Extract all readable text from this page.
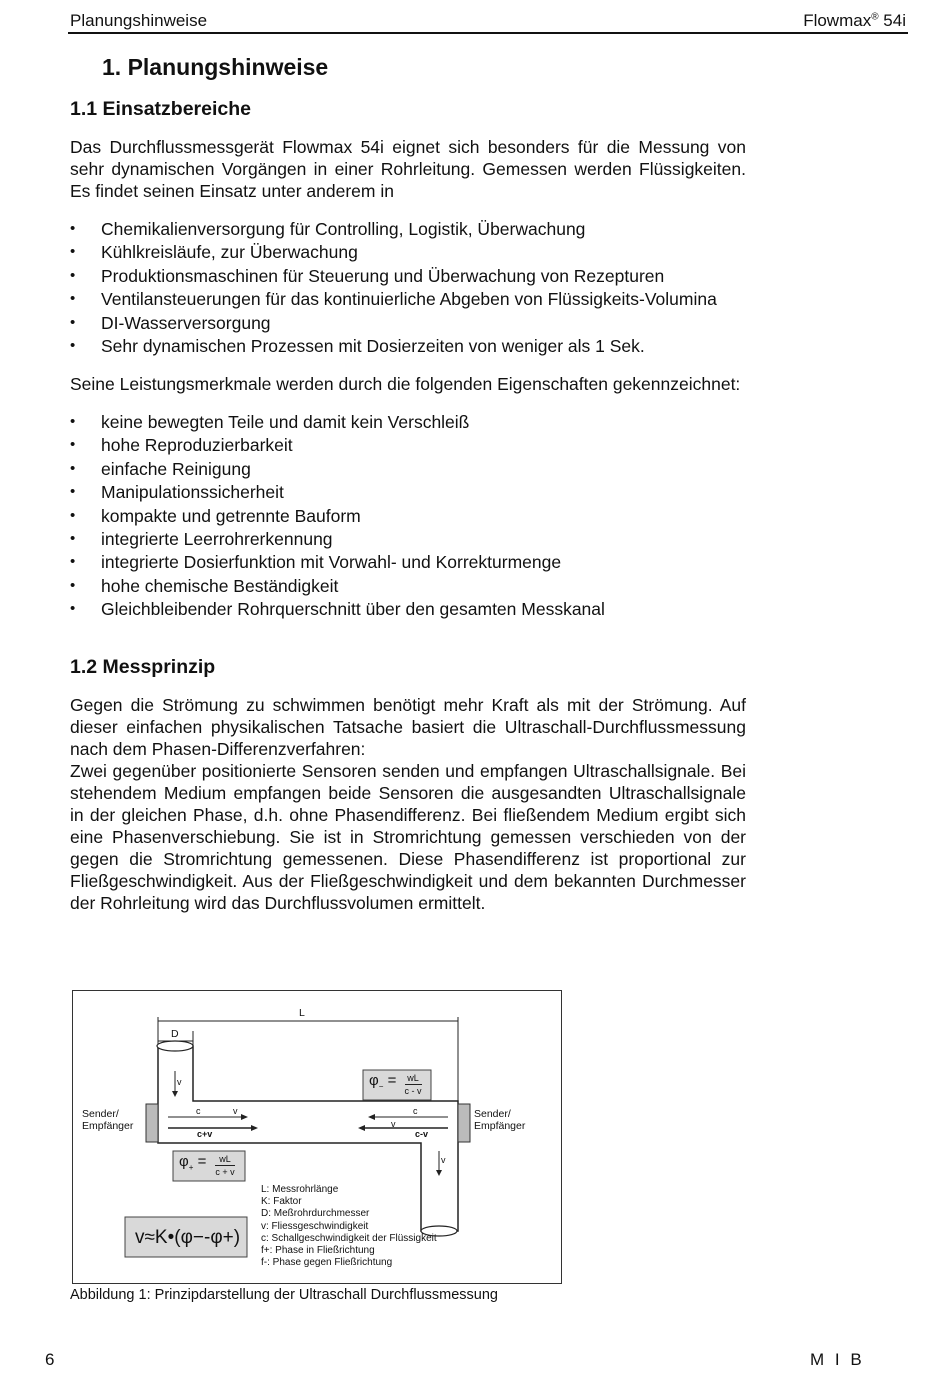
Planungshinweise	Flowmax® 54i
1. Planungshinweise
1.1 Einsatzbereiche

Das Durchflussmessgerät Flowmax 54i eignet sich besonders für die Messung von sehr dynamischen Vorgängen in einer Rohrleitung. Gemessen werden Flüssigkeiten. Es findet seinen Einsatz unter anderem in

• Chemikalienversorgung für Controlling, Logistik, Überwachung
• Kühlkreisläufe, zur Überwachung
• Produktionsmaschinen für Steuerung und Überwachung von Rezepturen
• Ventilansteuerungen für das kontinuierliche Abgeben von Flüssigkeits-Volumina
• DI-Wasserversorgung
• Sehr dynamischen Prozessen mit Dosierzeiten von weniger als 1 Sek.

Seine Leistungsmerkmale werden durch die folgenden Eigenschaften gekennzeichnet:

• keine bewegten Teile und damit kein Verschleiß
• hohe Reproduzierbarkeit
• einfache Reinigung
• Manipulationssicherheit
• kompakte und getrennte Bauform
• integrierte Leerrohrerkennung
• integrierte Dosierfunktion mit Vorwahl- und Korrekturmenge
• hohe chemische Beständigkeit
• Gleichbleibender Rohrquerschnitt über den gesamten Messkanal
1.2 Messprinzip

Gegen die Strömung zu schwimmen benötigt mehr Kraft als mit der Strömung. Auf dieser einfachen physikalischen Tatsache basiert die Ultraschall-Durchflussmessung nach dem Phasen-Differenzverfahren:

Zwei gegenüber positionierte Sensoren senden und empfangen Ultraschallsignale. Bei stehendem Medium empfangen beide Sensoren die ausgesandten Ultraschallsignale in der gleichen Phase, d.h. ohne Phasendifferenz. Bei fließendem Medium ergibt sich eine Phasenverschiebung. Sie ist in Stromrichtung gemessen verschieden von der gegen die Stromrichtung gemessenen. Diese Phasendifferenz ist proportional zur Fließgeschwindigkeit. Aus der Fließgeschwindigkeit und dem bekannten Durchmesser der Rohrleitung wird das Durchflussvolumen ermittelt.

L
D
v
v
c	v
c+v
c
v
c-v
Sender/
Empfänger
Sender/
Empfänger
$\varphi_-$ =	wL
c - v
$\varphi_+$ =	wL
c + v
v≈K•(φ−-φ+)
L: Messrohrlänge
K: Faktor
D: Meßrohrdurchmesser
v: Fliessgeschwindigkeit
c: Schallgeschwindigkeit der Flüssigkeit
f+: Phase in Fließrichtung
f-: Phase gegen Fließrichtung
Abbildung 1: Prinzipdarstellung der Ultraschall Durchflussmessung
6	M I B
